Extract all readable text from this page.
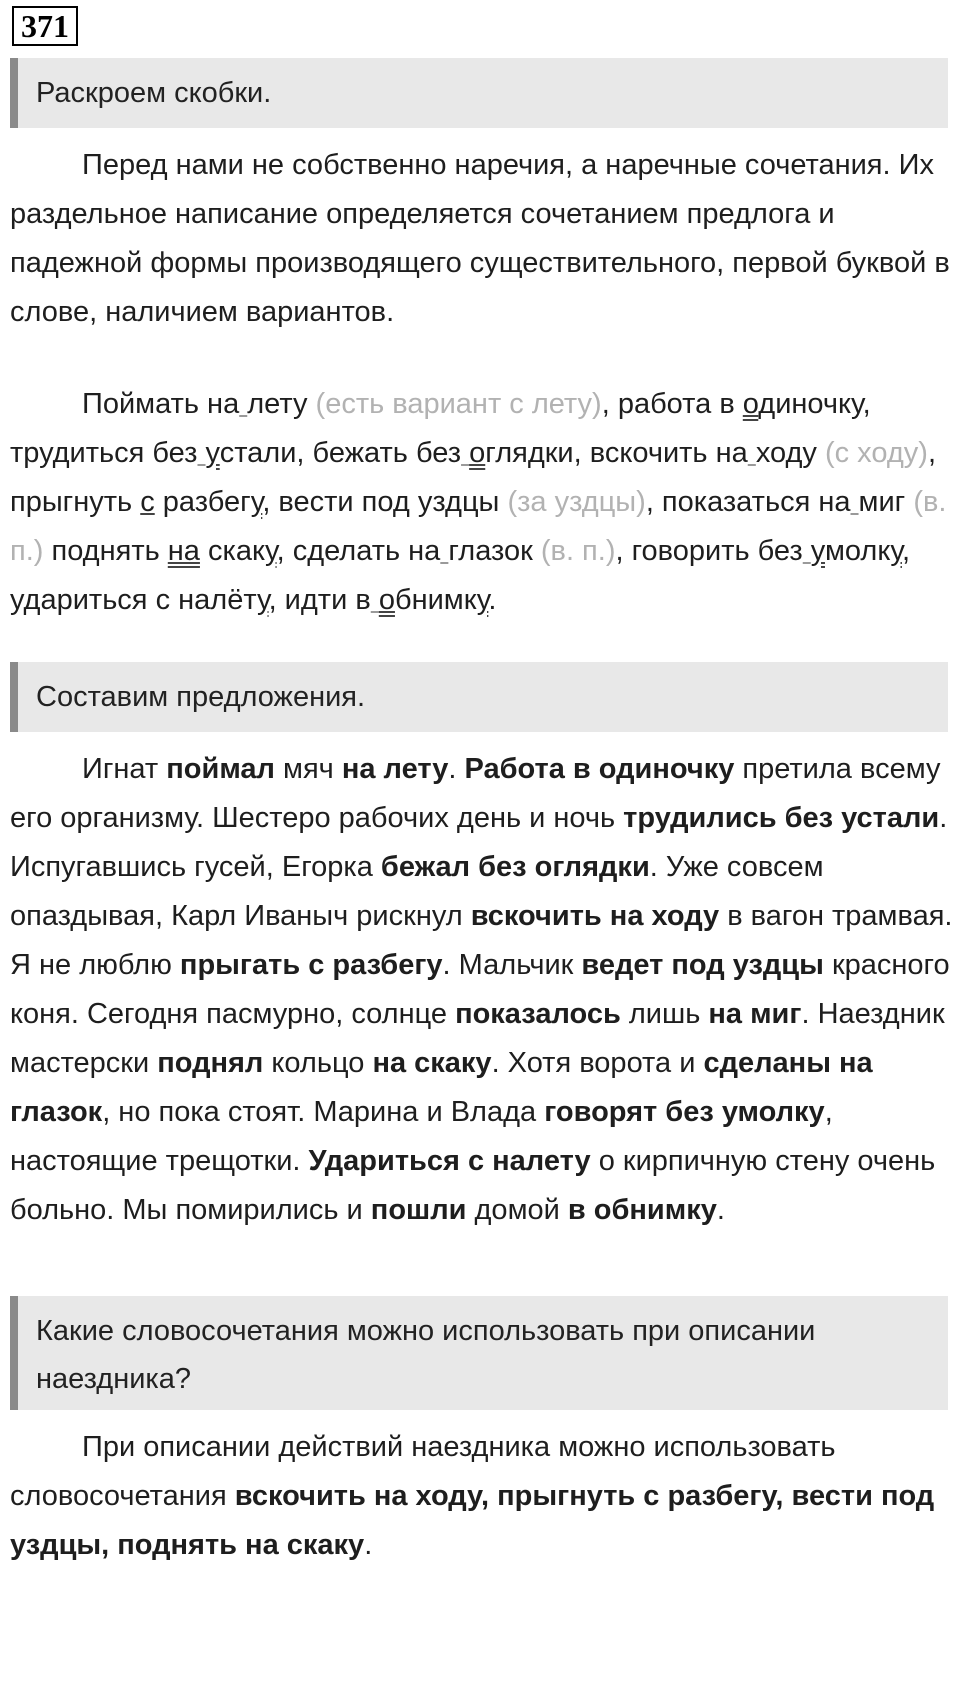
371
Раскроем скобки.

Перед нами не собственно наречия, а наречные сочетания. Их раздельное написание определяется сочетанием предлога и падежной формы производящего существительного, первой буквой в слове, наличием вариантов.

Поймать на лету (есть вариант с лету), работа в одиночку, трудиться без устали, бежать без оглядки, вскочить на ходу (с ходу), прыгнуть с разбегу, вести под уздцы (за уздцы), показаться на миг (в. п.) поднять на скаку, сделать на глазок (в. п.), говорить без умолку, удариться с налёту, идти в обнимку.

Составим предложения.

Игнат поймал мяч на лету. Работа в одиночку претила всему его организму. Шестеро рабочих день и ночь трудились без устали. Испугавшись гусей, Егорка бежал без оглядки. Уже совсем опаздывая, Карл Иваныч рискнул вскочить на ходу в вагон трамвая. Я не люблю прыгать с разбегу. Мальчик ведет под уздцы красного коня. Сегодня пасмурно, солнце показалось лишь на миг. Наездник мастерски поднял кольцо на скаку. Хотя ворота и сделаны на глазок, но пока стоят. Марина и Влада говорят без умолку, настоящие трещотки. Удариться с налету о кирпичную стену очень больно. Мы помирились и пошли домой в обнимку.

Какие словосочетания можно использовать при описании наездника?

При описании действий наездника можно использовать словосочетания вскочить на ходу, прыгнуть с разбегу, вести под уздцы, поднять на скаку.
